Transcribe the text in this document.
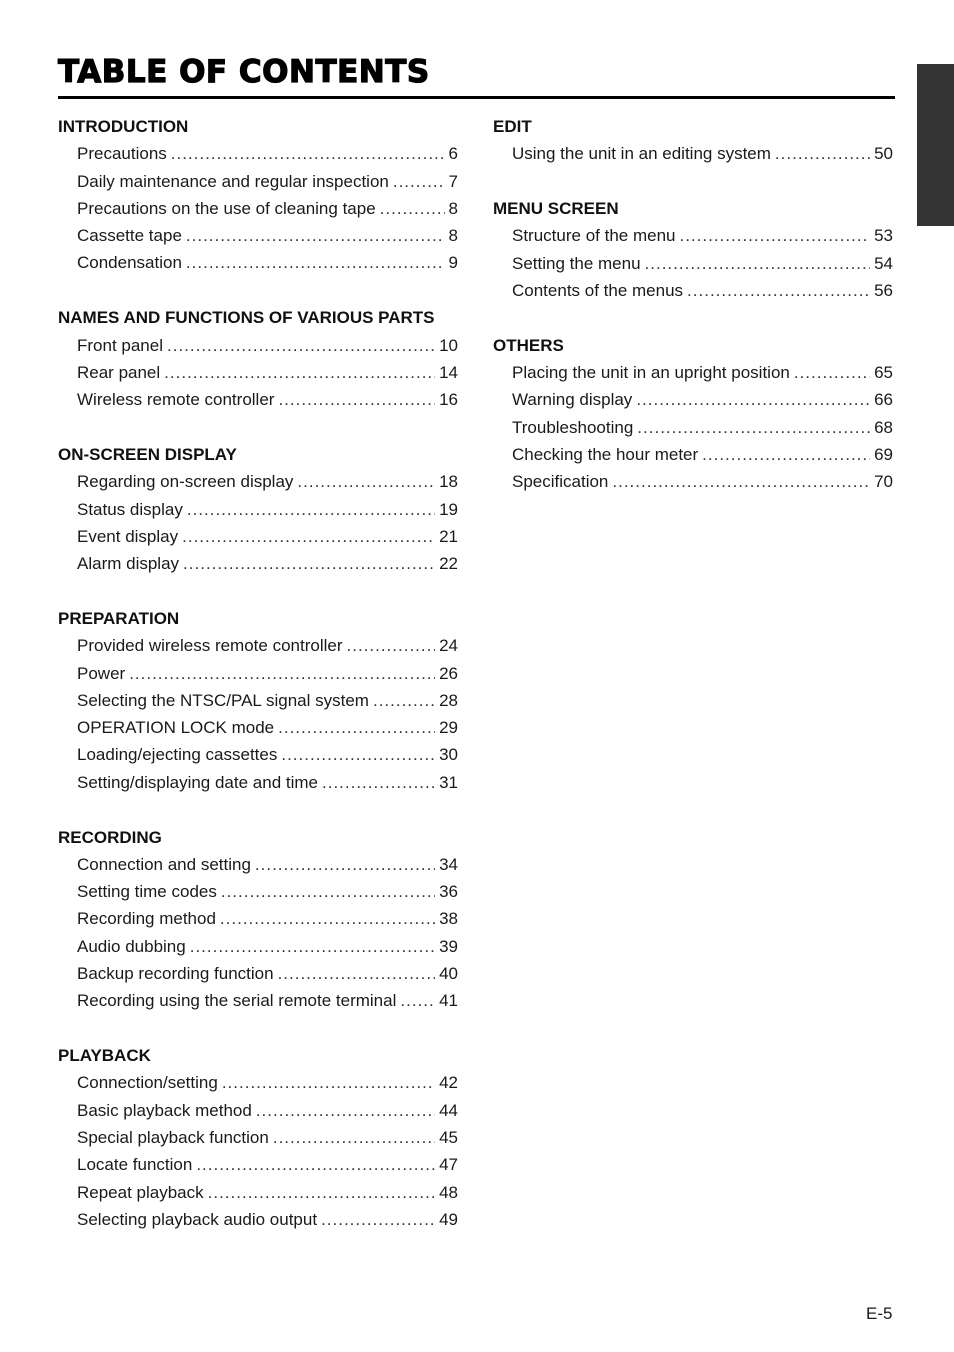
TABLE OF CONTENTS
INTRODUCTION
Precautions .....	6
Daily maintenance and regular inspection .....	7
Precautions on the use of cleaning tape .....	8
Cassette tape .....	8
Condensation .....	9
NAMES AND FUNCTIONS OF VARIOUS PARTS
Front panel .....	10
Rear panel .....	14
Wireless remote controller .....	16
ON-SCREEN DISPLAY
Regarding on-screen display .....	18
Status display .....	19
Event display .....	21
Alarm display .....	22
PREPARATION
Provided wireless remote controller .....	24
Power .....	26
Selecting the NTSC/PAL signal system .....	28
OPERATION LOCK mode .....	29
Loading/ejecting cassettes .....	30
Setting/displaying date and time .....	31
RECORDING
Connection and setting .....	34
Setting time codes .....	36
Recording method .....	38
Audio dubbing .....	39
Backup recording function .....	40
Recording using the serial remote terminal .....	41
PLAYBACK
Connection/setting .....	42
Basic playback method .....	44
Special playback function .....	45
Locate function .....	47
Repeat playback .....	48
Selecting playback audio output .....	49
EDIT
Using the unit in an editing system .....	50
MENU SCREEN
Structure of the menu .....	53
Setting the menu .....	54
Contents of the menus .....	56
OTHERS
Placing the unit in an upright position .....	65
Warning display .....	66
Troubleshooting .....	68
Checking the hour meter .....	69
Specification .....	70
E-5
